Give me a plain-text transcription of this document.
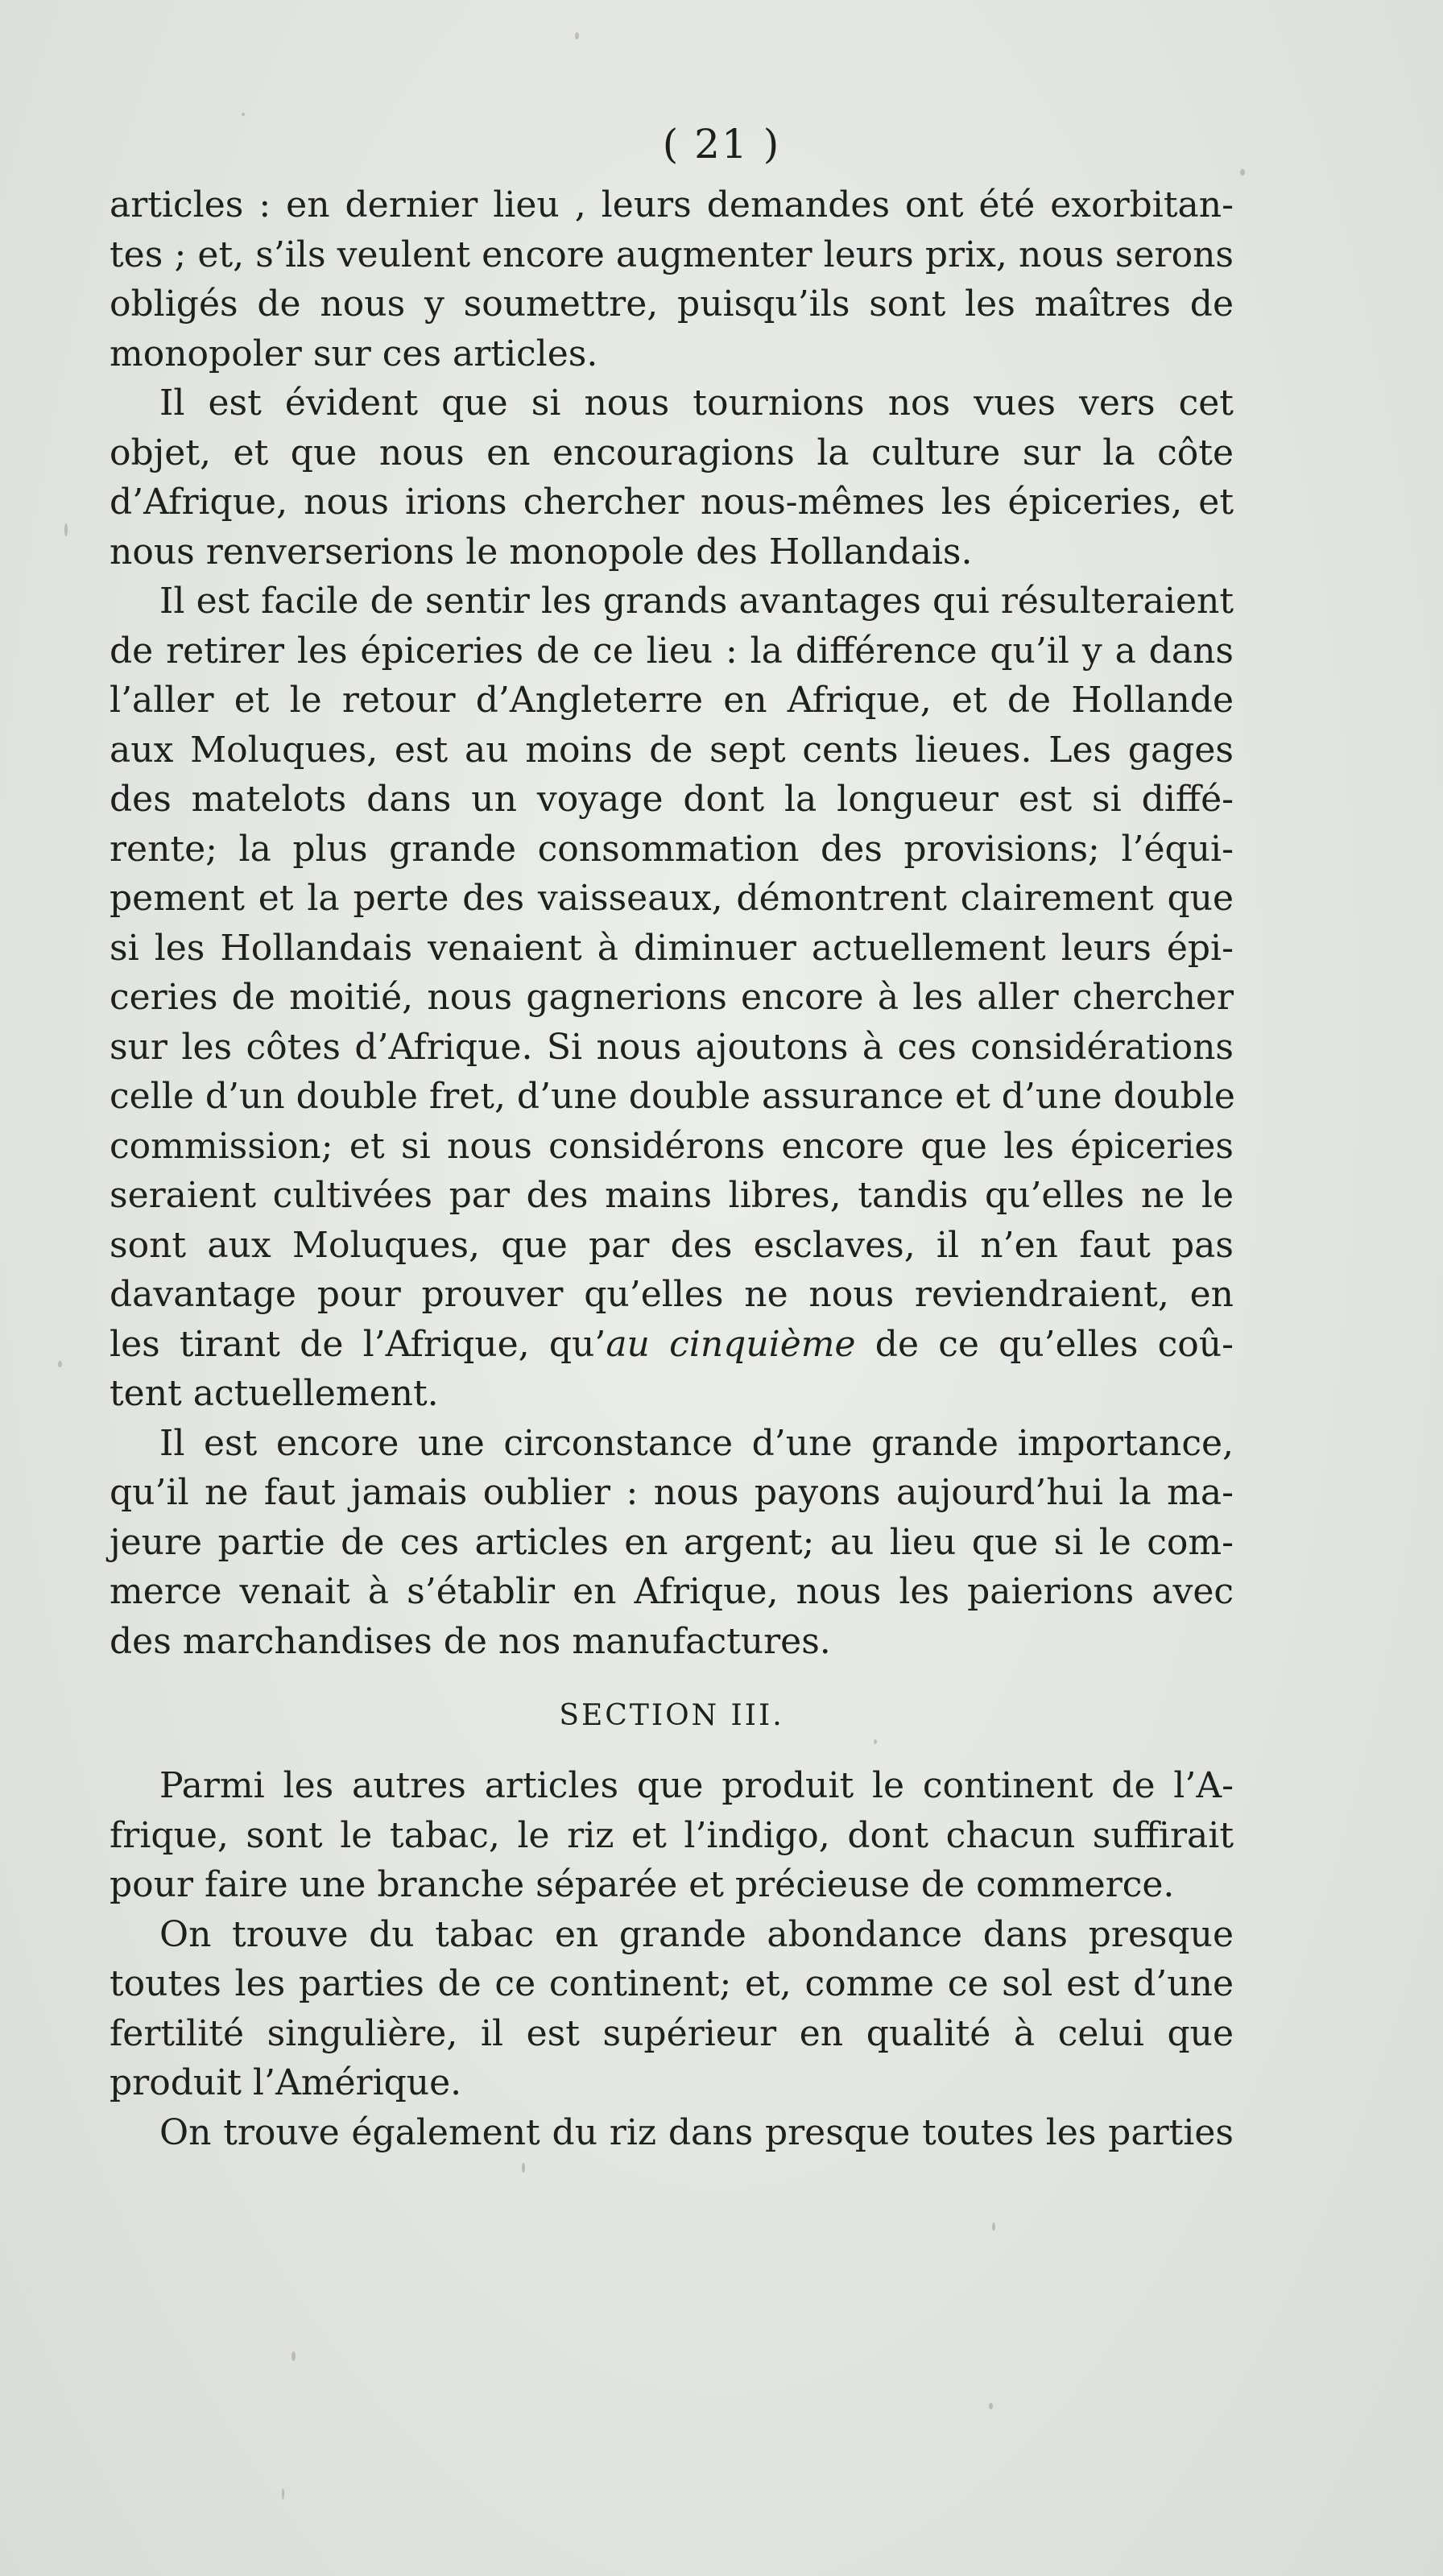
( 21 )
articles : en dernier lieu , leurs demandes ont été exorbitan-
tes ; et, s’ils veulent encore augmenter leurs prix, nous serons
obligés de nous y soumettre, puisqu’ils sont les maîtres de
monopoler sur ces articles.
Il est évident que si nous tournions nos vues vers cet
objet, et que nous en encouragions la culture sur la côte
d’Afrique, nous irions chercher nous-mêmes les épiceries, et
nous renverserions le monopole des Hollandais.
Il est facile de sentir les grands avantages qui résulteraient
de retirer les épiceries de ce lieu : la différence qu’il y a dans
l’aller et le retour d’Angleterre en Afrique, et de Hollande
aux Moluques, est au moins de sept cents lieues. Les gages
des matelots dans un voyage dont la longueur est si diffé-
rente; la plus grande consommation des provisions; l’équi-
pement et la perte des vaisseaux, démontrent clairement que
si les Hollandais venaient à diminuer actuellement leurs épi-
ceries de moitié, nous gagnerions encore à les aller chercher
sur les côtes d’Afrique. Si nous ajoutons à ces considérations
celle d’un double fret, d’une double assurance et d’une double
commission; et si nous considérons encore que les épiceries
seraient cultivées par des mains libres, tandis qu’elles ne le
sont aux Moluques, que par des esclaves, il n’en faut pas
davantage pour prouver qu’elles ne nous reviendraient, en
les tirant de l’Afrique, qu’au cinquième de ce qu’elles coû-
tent actuellement.
Il est encore une circonstance d’une grande importance,
qu’il ne faut jamais oublier : nous payons aujourd’hui la ma-
jeure partie de ces articles en argent; au lieu que si le com-
merce venait à s’établir en Afrique, nous les paierions avec
des marchandises de nos manufactures.
SECTION III.
Parmi les autres articles que produit le continent de l’A-
frique, sont le tabac, le riz et l’indigo, dont chacun suffirait
pour faire une branche séparée et précieuse de commerce.
On trouve du tabac en grande abondance dans presque
toutes les parties de ce continent; et, comme ce sol est d’une
fertilité singulière, il est supérieur en qualité à celui que
produit l’Amérique.
On trouve également du riz dans presque toutes les parties
